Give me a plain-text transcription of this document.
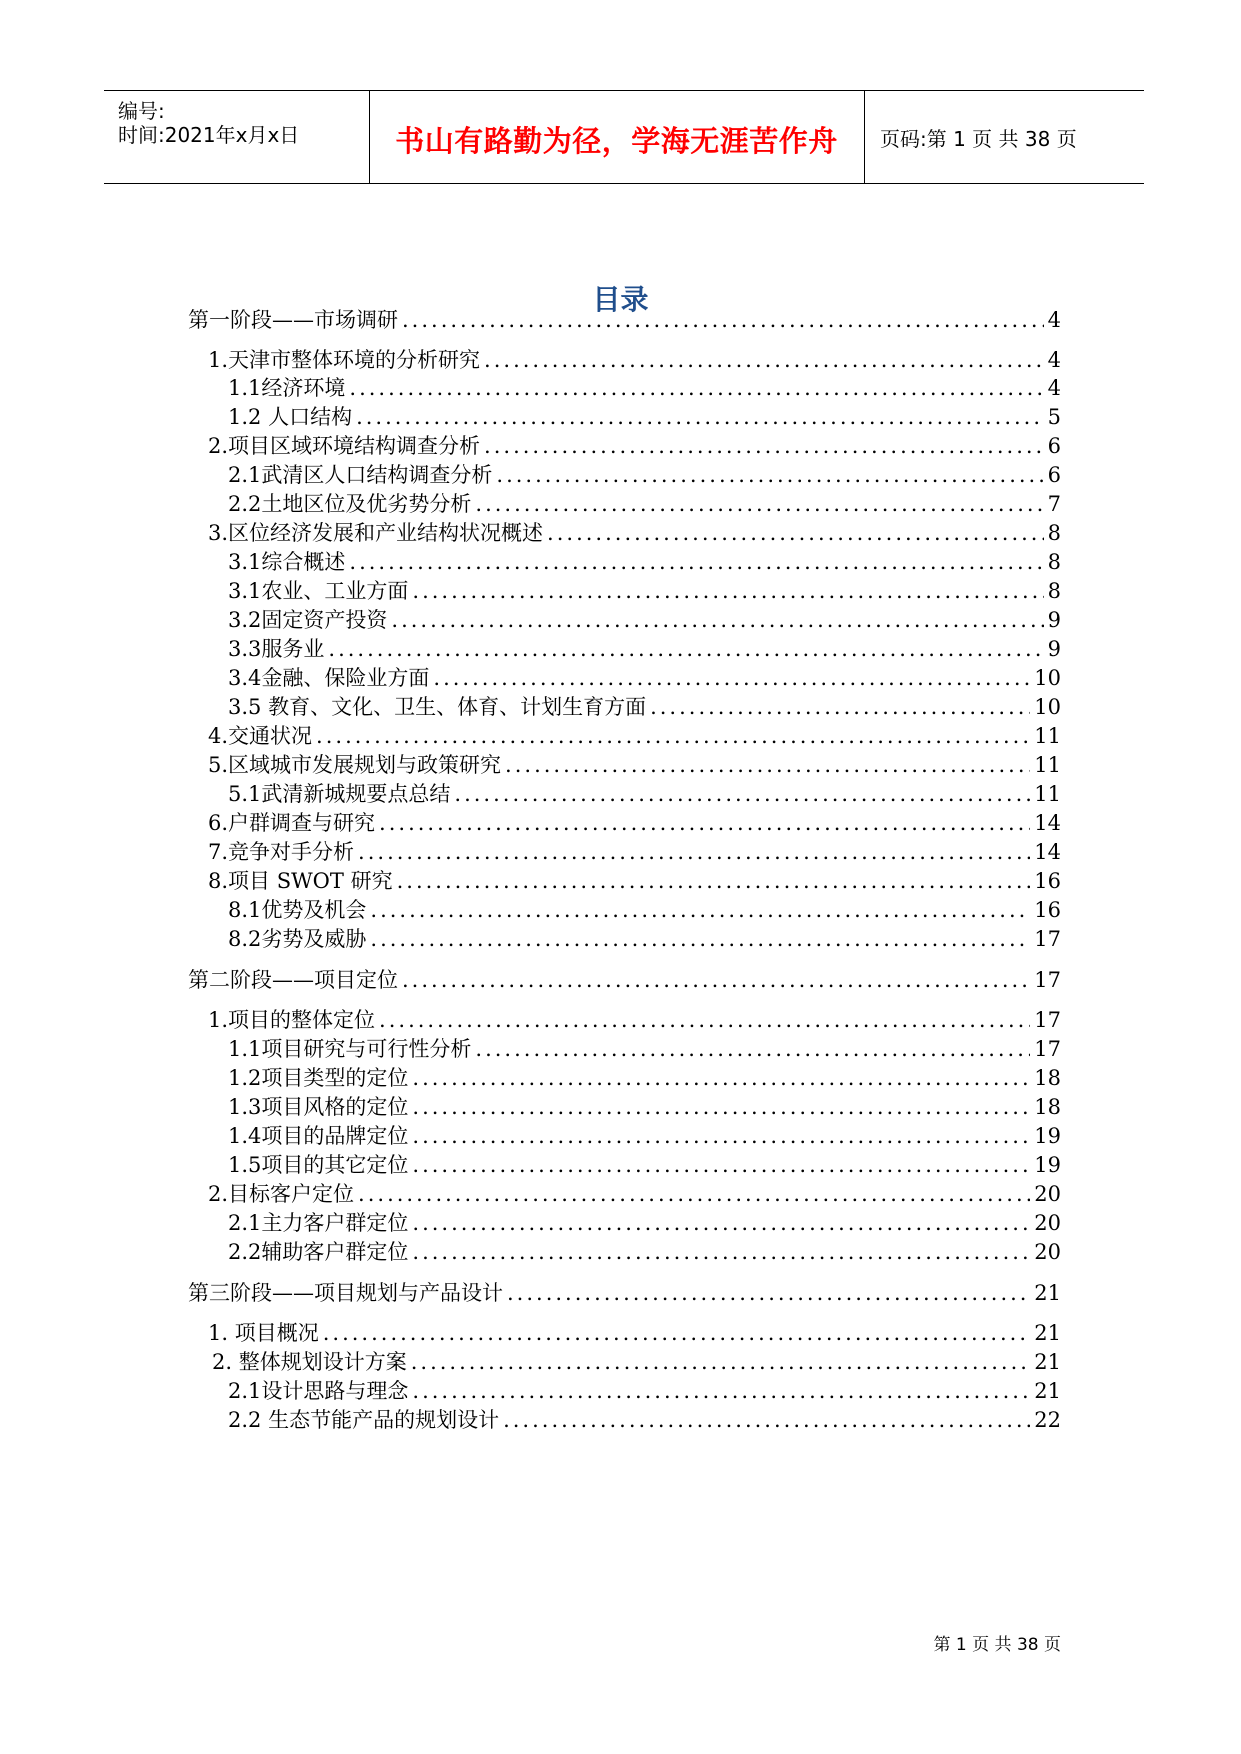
编号:
时间:2021年x月x日	书山有路勤为径，学海无涯苦作舟	页码:第 1 页 共 38 页
目录
第一阶段——市场调研 .....	4
1.天津市整体环境的分析研究 .....	4
1.1经济环境 .....	4
1.2 人口结构 .....	5
2.项目区域环境结构调查分析 .....	6
2.1武清区人口结构调查分析 .....	6
2.2土地区位及优劣势分析 .....	7
3.区位经济发展和产业结构状况概述 .....	8
3.1综合概述 .....	8
3.1农业、工业方面 .....	8
3.2固定资产投资 .....	9
3.3服务业 .....	9
3.4金融、保险业方面 .....	10
3.5 教育、文化、卫生、体育、计划生育方面 .....	10
4.交通状况 .....	11
5.区域城市发展规划与政策研究 .....	11
5.1武清新城规要点总结 .....	11
6.户群调查与研究 .....	14
7.竞争对手分析 .....	14
8.项目 SWOT 研究 .....	16
8.1优势及机会 .....	16
8.2劣势及威胁 .....	17
第二阶段——项目定位 .....	17
1.项目的整体定位 .....	17
1.1项目研究与可行性分析 .....	17
1.2项目类型的定位 .....	18
1.3项目风格的定位 .....	18
1.4项目的品牌定位 .....	19
1.5项目的其它定位 .....	19
2.目标客户定位 .....	20
2.1主力客户群定位 .....	20
2.2辅助客户群定位 .....	20
第三阶段——项目规划与产品设计 .....	21
1. 项目概况 .....	21
2. 整体规划设计方案 .....	21
2.1设计思路与理念 .....	21
2.2 生态节能产品的规划设计 .....	22
第 1 页 共 38 页
